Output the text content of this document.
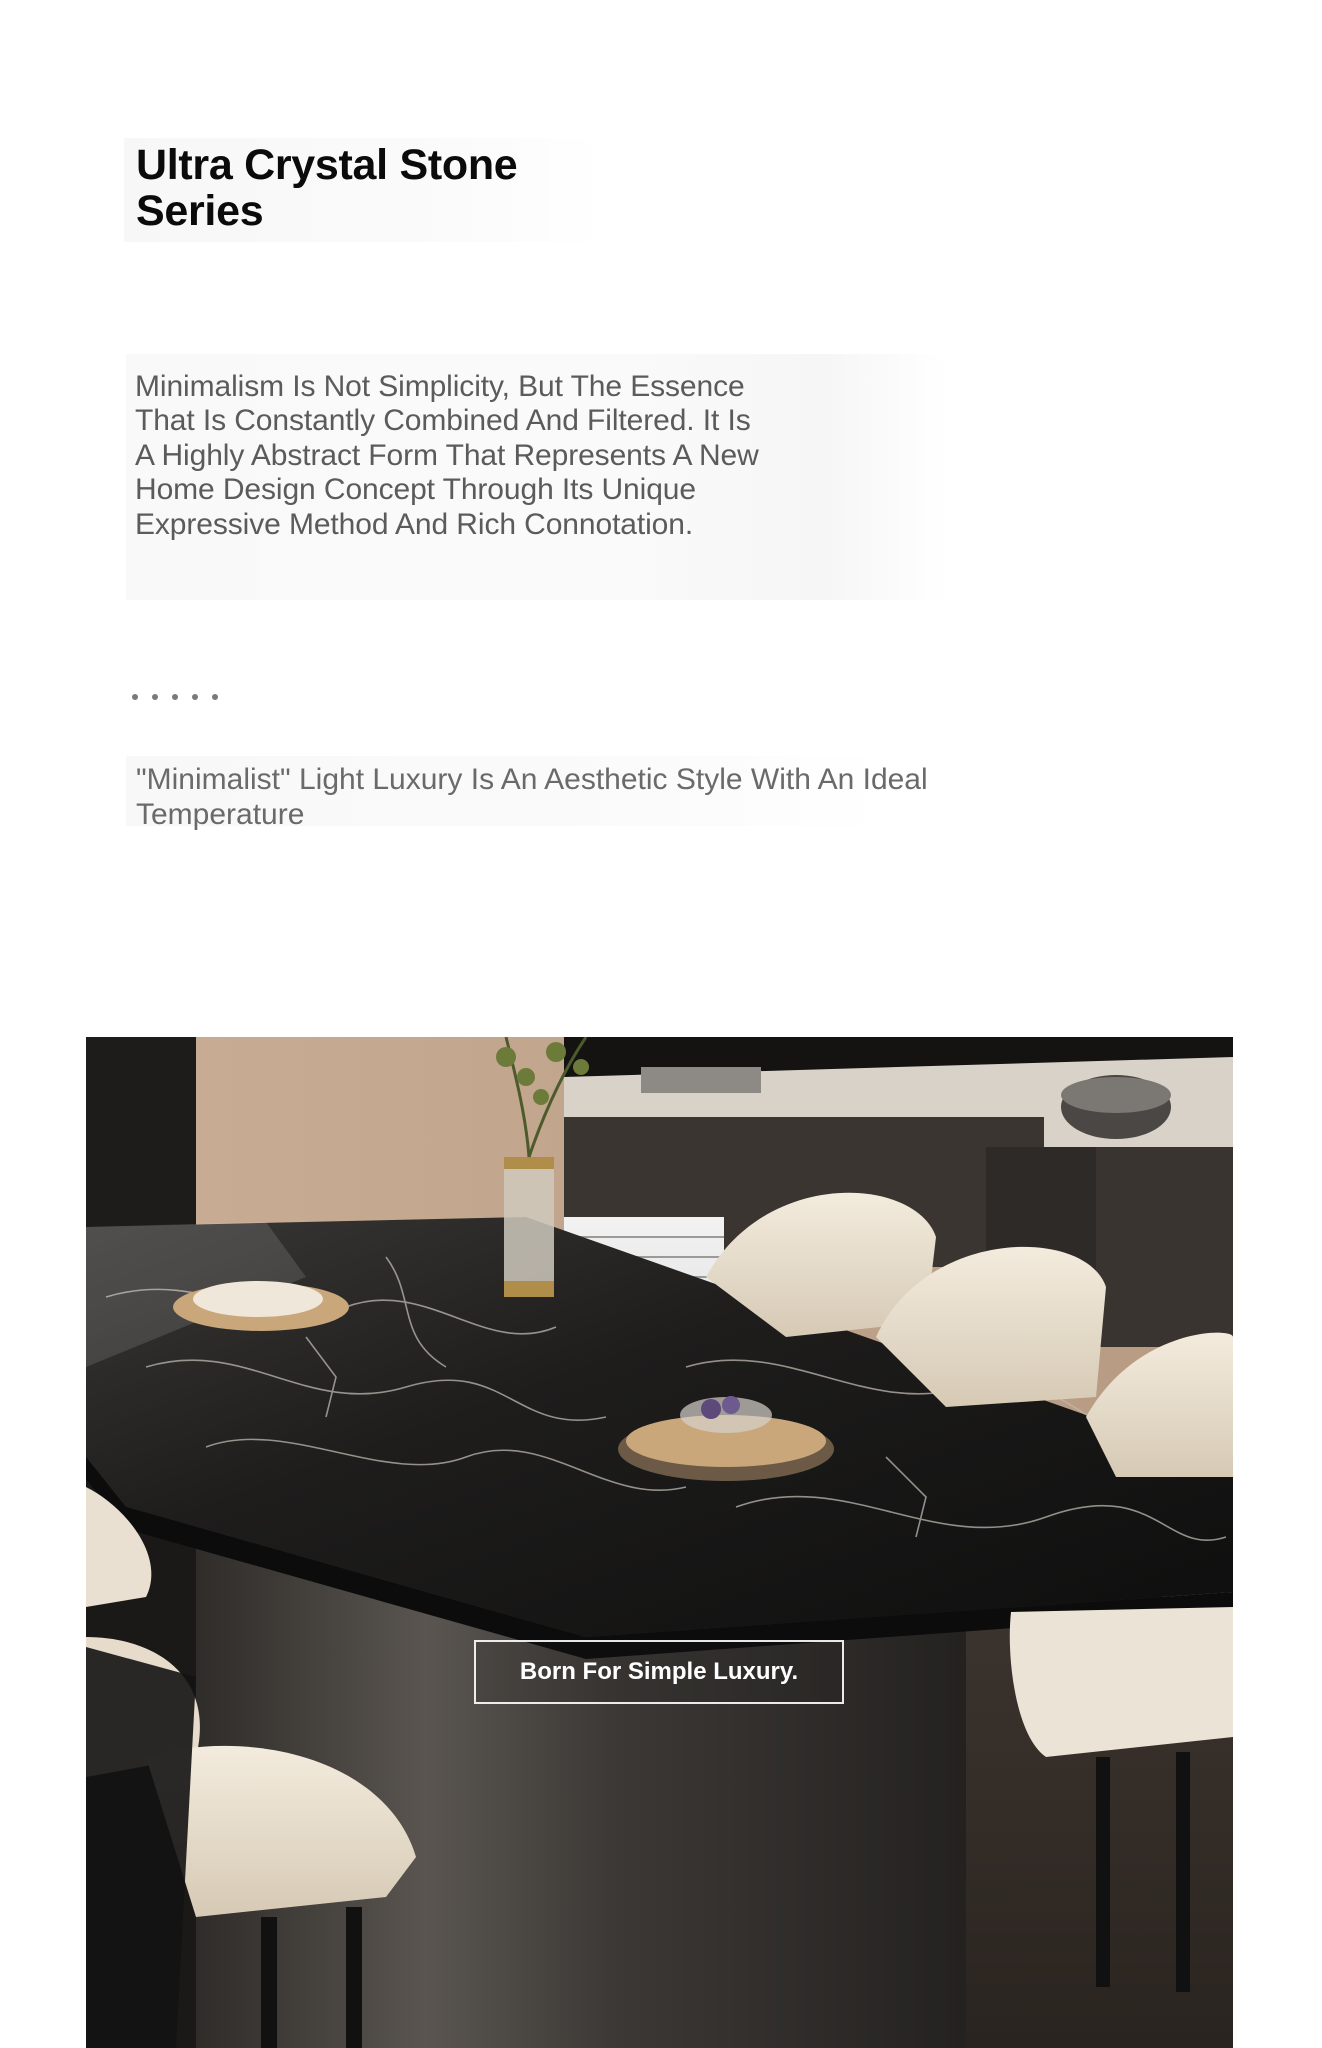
Ultra Crystal Stone Series

Minimalism Is Not Simplicity, But The Essence That Is Constantly Combined And Filtered. It Is A Highly Abstract Form That Represents A New Home Design Concept Through Its Unique Expressive Method And Rich Connotation.

"Minimalist" Light Luxury Is An Aesthetic Style With An Ideal Temperature

Born For Simple Luxury.
